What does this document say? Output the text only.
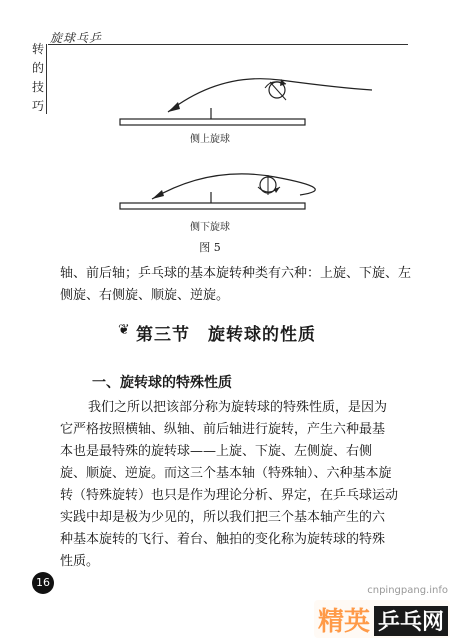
旋球乓乒
转
的
技
巧
侧上旋球
侧下旋球
图 5
轴、前后轴；乒乓球的基本旋转种类有六种：上旋、下旋、左
侧旋、右侧旋、顺旋、逆旋。
❦ 第三节　旋转球的性质
一、旋转球的特殊性质
我们之所以把该部分称为旋转球的特殊性质，是因为
它严格按照横轴、纵轴、前后轴进行旋转，产生六种最基
本也是最特殊的旋转球——上旋、下旋、左侧旋、右侧
旋、顺旋、逆旋。而这三个基本轴（特殊轴）、六种基本旋
转（特殊旋转）也只是作为理论分析、界定，在乒乓球运动
实践中却是极为少见的，所以我们把三个基本轴产生的六
种基本旋转的飞行、着台、触拍的变化称为旋转球的特殊
性质。
16
cnpingpang.info
精英 乒乓网
